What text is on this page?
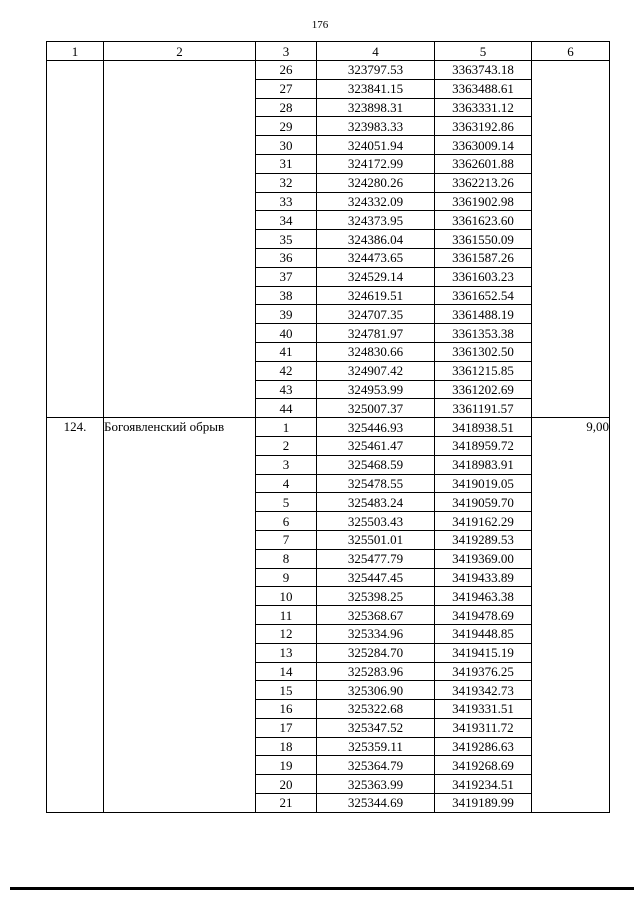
176
1	2	3	4	5	6
		26	323797.53	3363743.18	
		27	323841.15	3363488.61	
		28	323898.31	3363331.12	
		29	323983.33	3363192.86	
		30	324051.94	3363009.14	
		31	324172.99	3362601.88	
		32	324280.26	3362213.26	
		33	324332.09	3361902.98	
		34	324373.95	3361623.60	
		35	324386.04	3361550.09	
		36	324473.65	3361587.26	
		37	324529.14	3361603.23	
		38	324619.51	3361652.54	
		39	324707.35	3361488.19	
		40	324781.97	3361353.38	
		41	324830.66	3361302.50	
		42	324907.42	3361215.85	
		43	324953.99	3361202.69	
		44	325007.37	3361191.57	
124.	Богоявленский обрыв	1	325446.93	3418938.51	9,00
		2	325461.47	3418959.72	
		3	325468.59	3418983.91	
		4	325478.55	3419019.05	
		5	325483.24	3419059.70	
		6	325503.43	3419162.29	
		7	325501.01	3419289.53	
		8	325477.79	3419369.00	
		9	325447.45	3419433.89	
		10	325398.25	3419463.38	
		11	325368.67	3419478.69	
		12	325334.96	3419448.85	
		13	325284.70	3419415.19	
		14	325283.96	3419376.25	
		15	325306.90	3419342.73	
		16	325322.68	3419331.51	
		17	325347.52	3419311.72	
		18	325359.11	3419286.63	
		19	325364.79	3419268.69	
		20	325363.99	3419234.51	
		21	325344.69	3419189.99	
